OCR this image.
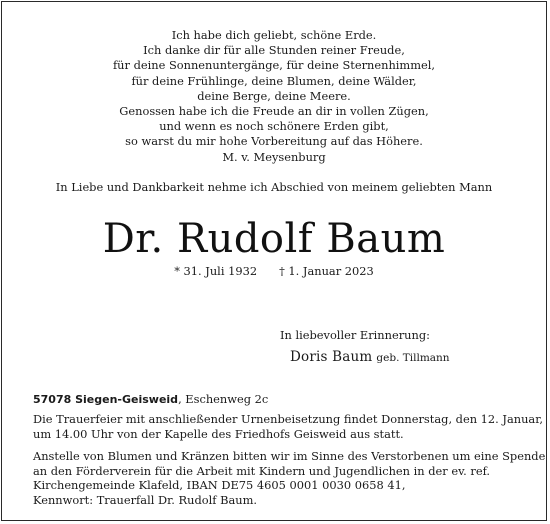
Ich habe dich geliebt, schöne Erde.
Ich danke dir für alle Stunden reiner Freude,
für deine Sonnenuntergänge, für deine Sternenhimmel,
für deine Frühlinge, deine Blumen, deine Wälder,
deine Berge, deine Meere.
Genossen habe ich die Freude an dir in vollen Zügen,
und wenn es noch schönere Erden gibt,
so warst du mir hohe Vorbereitung auf das Höhere.
M. v. Meysenburg
In Liebe und Dankbarkeit nehme ich Abschied von meinem geliebten Mann
Dr. Rudolf Baum
* 31. Juli 1932 † 1. Januar 2023
In liebevoller Erinnerung:
Doris Baum geb. Tillmann
57078 Siegen-Geisweid, Eschenweg 2c
Die Trauerfeier mit anschließender Urnenbeisetzung findet Donnerstag, den 12. Januar,
um 14.00 Uhr von der Kapelle des Friedhofs Geisweid aus statt.
Anstelle von Blumen und Kränzen bitten wir im Sinne des Verstorbenen um eine Spende
an den Förderverein für die Arbeit mit Kindern und Jugendlichen in der ev. ref.
Kirchengemeinde Klafeld, IBAN DE75 4605 0001 0030 0658 41,
Kennwort: Trauerfall Dr. Rudolf Baum.
